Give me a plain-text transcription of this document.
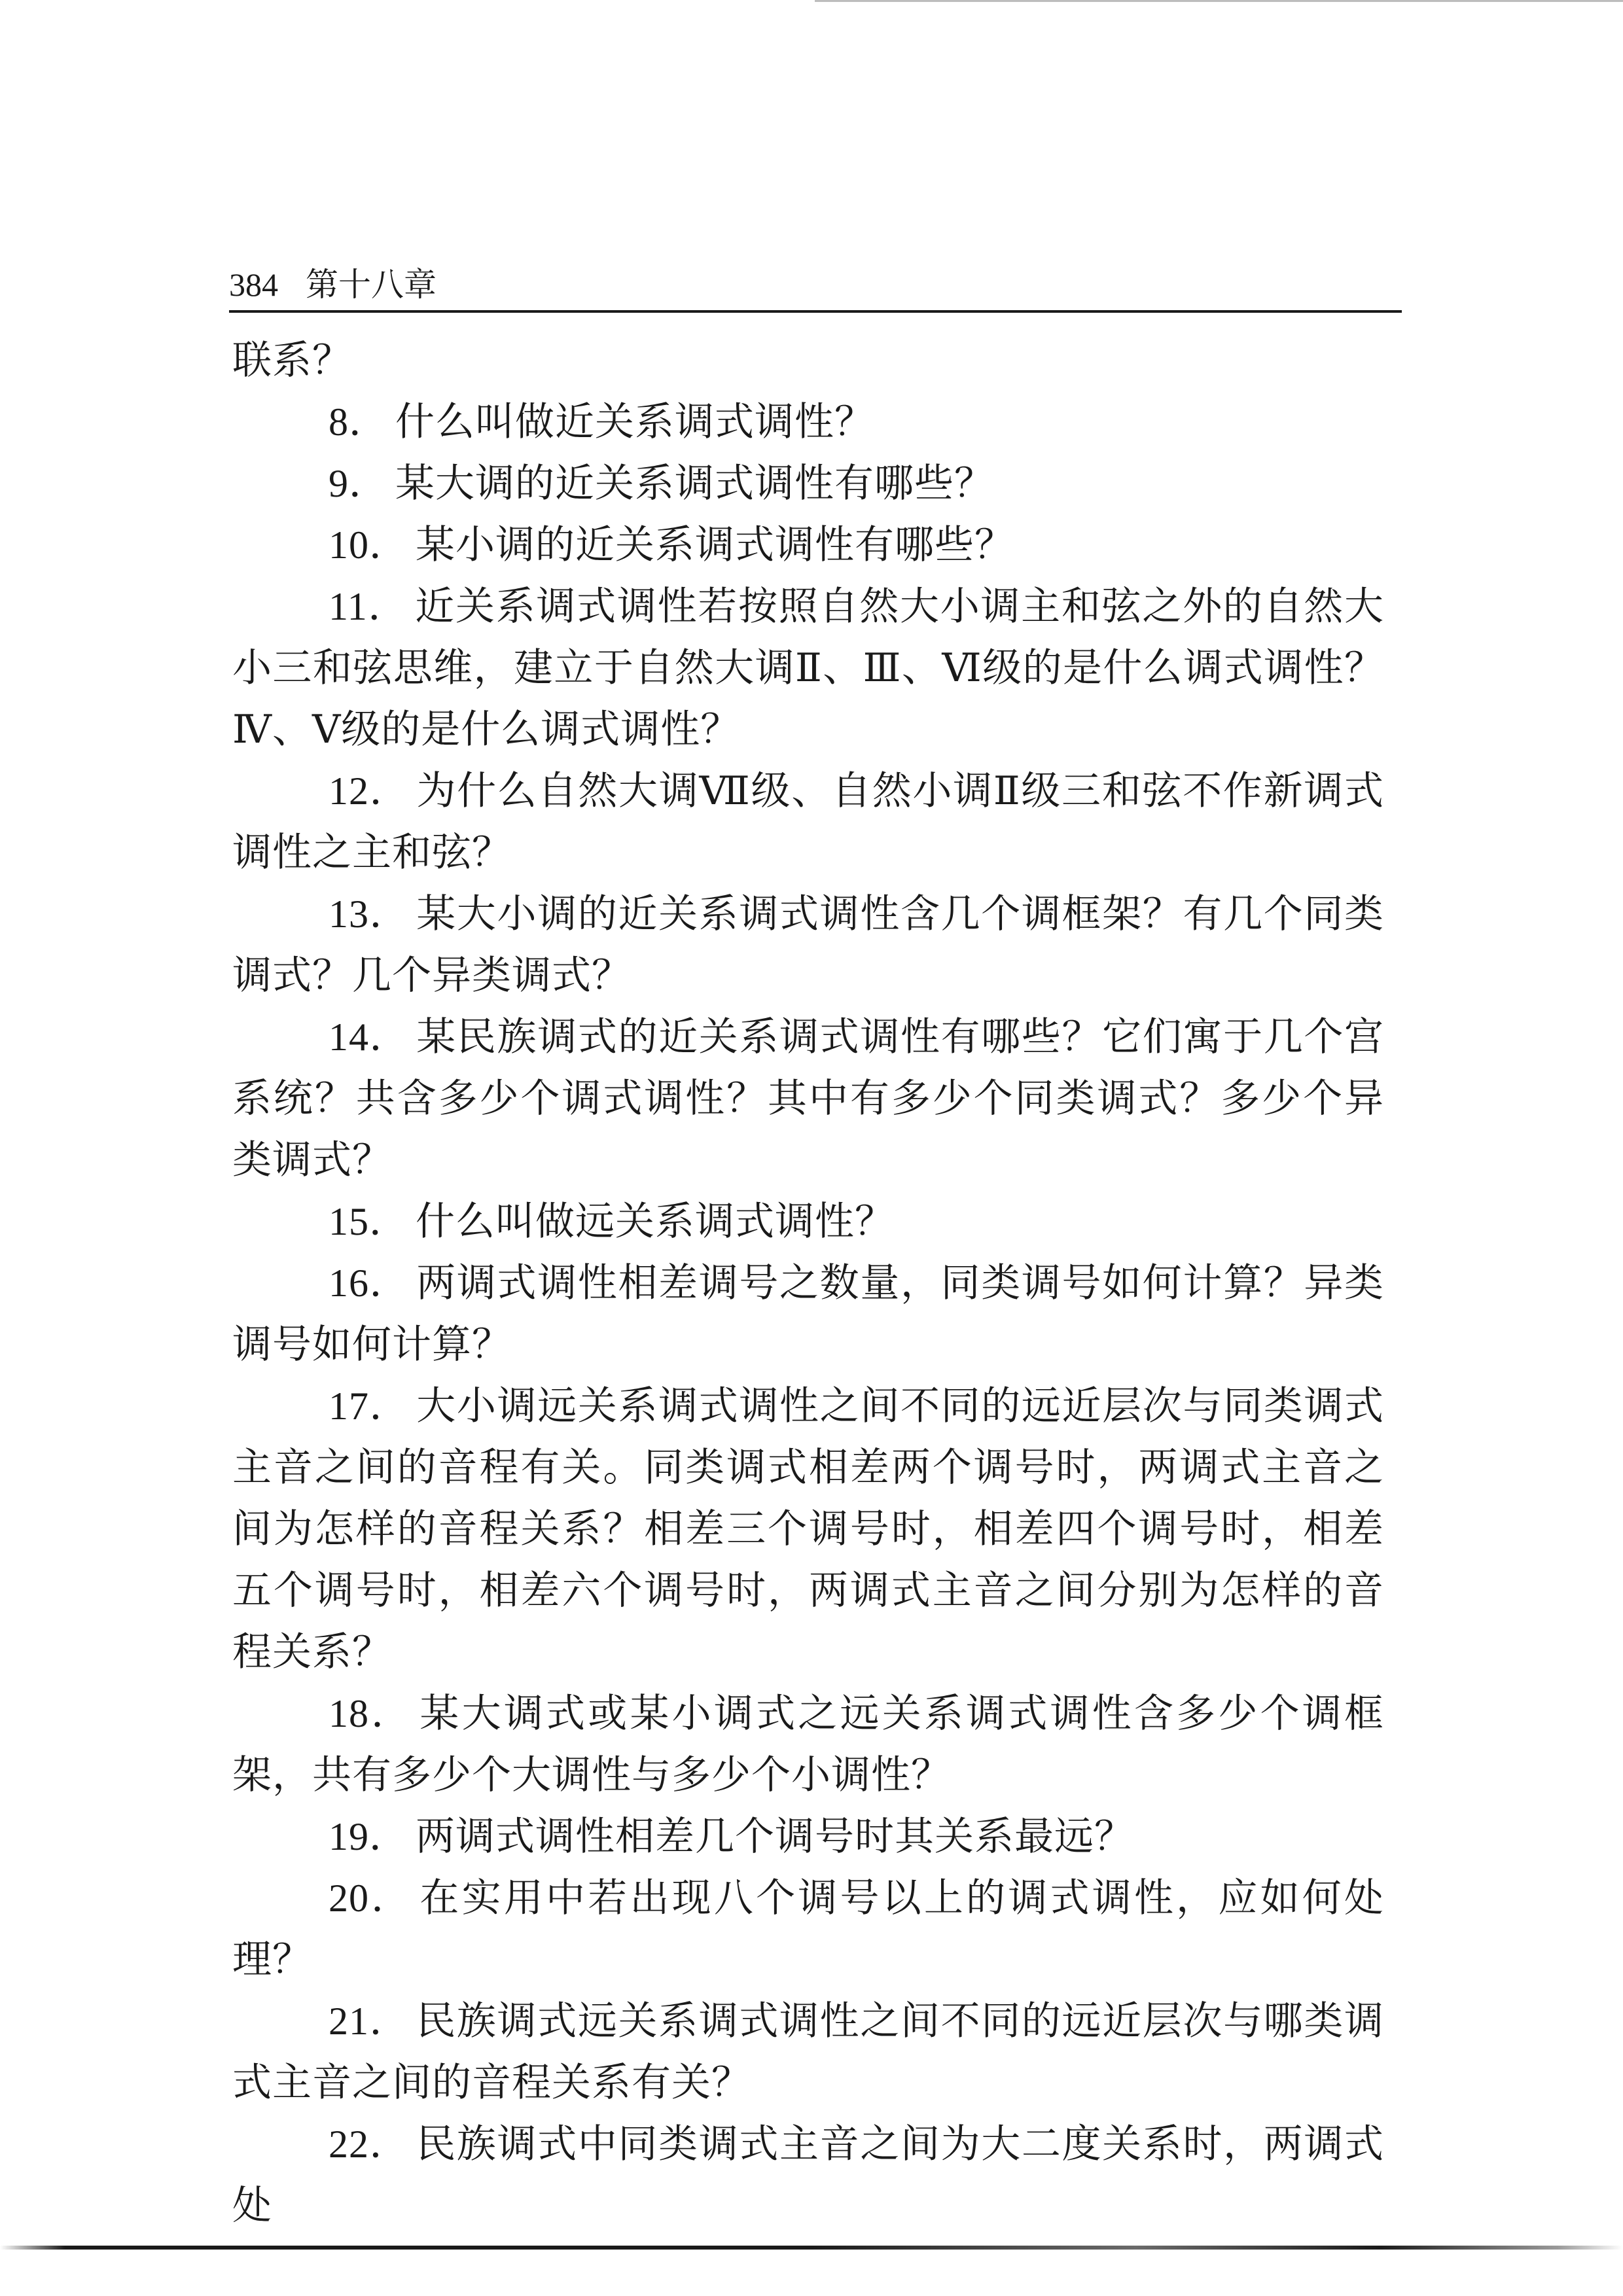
384 第十八章

联系？

8． 什么叫做近关系调式调性？

9． 某大调的近关系调式调性有哪些？

10． 某小调的近关系调式调性有哪些？

11． 近关系调式调性若按照自然大小调主和弦之外的自然大小三和弦思维，建立于自然大调Ⅱ、Ⅲ、Ⅵ级的是什么调式调性？Ⅳ、Ⅴ级的是什么调式调性？

12． 为什么自然大调Ⅶ级、自然小调Ⅱ级三和弦不作新调式调性之主和弦？

13． 某大小调的近关系调式调性含几个调框架？有几个同类调式？几个异类调式？

14． 某民族调式的近关系调式调性有哪些？它们寓于几个宫系统？共含多少个调式调性？其中有多少个同类调式？多少个异类调式？

15． 什么叫做远关系调式调性？

16． 两调式调性相差调号之数量，同类调号如何计算？异类调号如何计算？

17． 大小调远关系调式调性之间不同的远近层次与同类调式主音之间的音程有关。同类调式相差两个调号时，两调式主音之间为怎样的音程关系？相差三个调号时，相差四个调号时，相差五个调号时，相差六个调号时，两调式主音之间分别为怎样的音程关系？

18． 某大调式或某小调式之远关系调式调性含多少个调框架，共有多少个大调性与多少个小调性？

19． 两调式调性相差几个调号时其关系最远？

20． 在实用中若出现八个调号以上的调式调性，应如何处理？

21． 民族调式远关系调式调性之间不同的远近层次与哪类调式主音之间的音程关系有关？

22． 民族调式中同类调式主音之间为大二度关系时，两调式处
